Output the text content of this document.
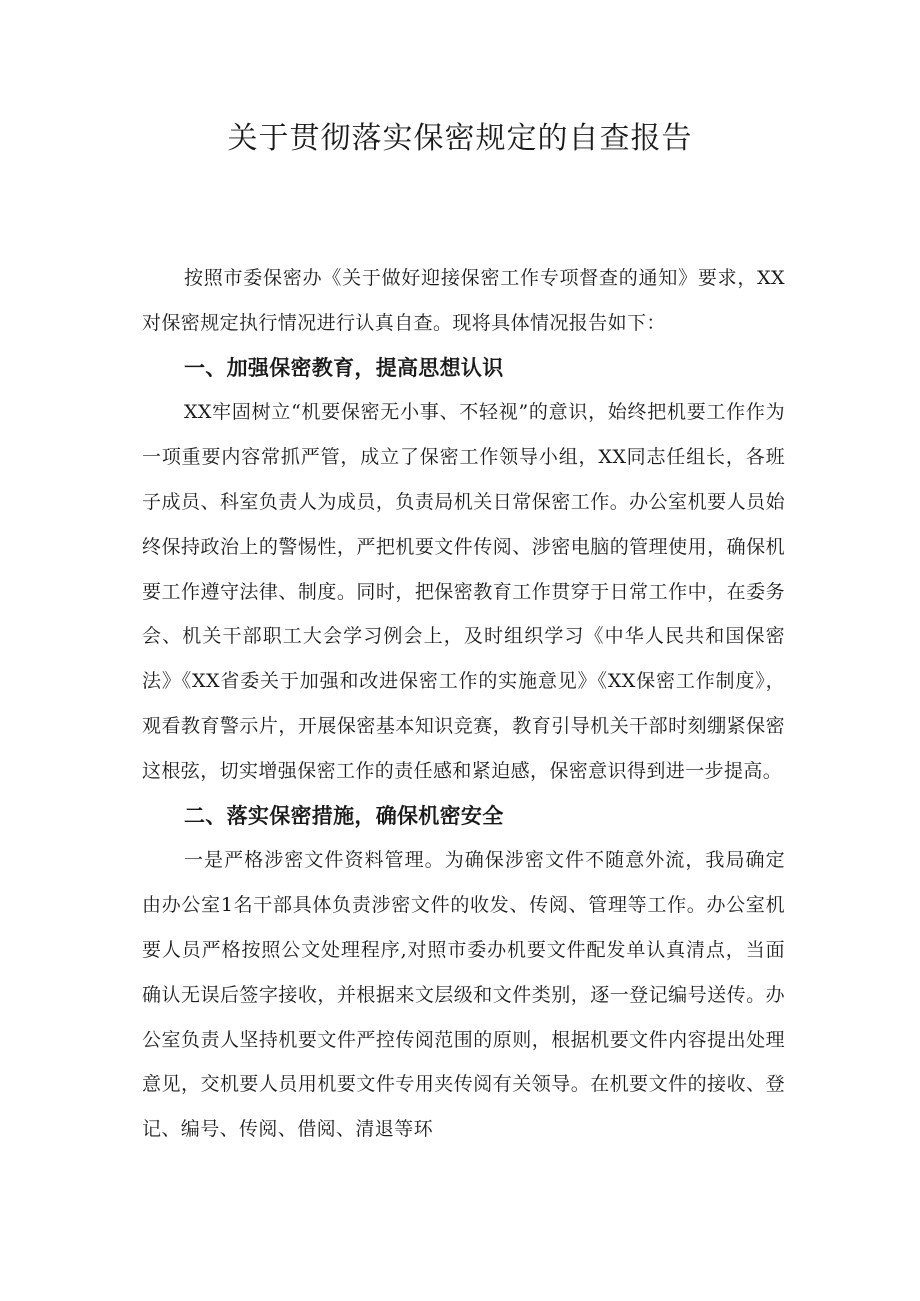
关于贯彻落实保密规定的自查报告

按照市委保密办《关于做好迎接保密工作专项督查的通知》要求，XX对保密规定执行情况进行认真自查。现将具体情况报告如下：

一、加强保密教育，提高思想认识

XX牢固树立“机要保密无小事、不轻视”的意识，始终把机要工作作为一项重要内容常抓严管，成立了保密工作领导小组，XX同志任组长，各班子成员、科室负责人为成员，负责局机关日常保密工作。办公室机要人员始终保持政治上的警惕性，严把机要文件传阅、涉密电脑的管理使用，确保机要工作遵守法律、制度。同时，把保密教育工作贯穿于日常工作中，在委务会、机关干部职工大会学习例会上，及时组织学习《中华人民共和国保密法》《XX省委关于加强和改进保密工作的实施意见》《XX保密工作制度》，观看教育警示片，开展保密基本知识竞赛，教育引导机关干部时刻绷紧保密这根弦，切实增强保密工作的责任感和紧迫感，保密意识得到进一步提高。

二、落实保密措施，确保机密安全

一是严格涉密文件资料管理。为确保涉密文件不随意外流，我局确定由办公室1名干部具体负责涉密文件的收发、传阅、管理等工作。办公室机要人员严格按照公文处理程序,对照市委办机要文件配发单认真清点，当面确认无误后签字接收，并根据来文层级和文件类别，逐一登记编号送传。办公室负责人坚持机要文件严控传阅范围的原则，根据机要文件内容提出处理意见，交机要人员用机要文件专用夹传阅有关领导。在机要文件的接收、登记、编号、传阅、借阅、清退等环
